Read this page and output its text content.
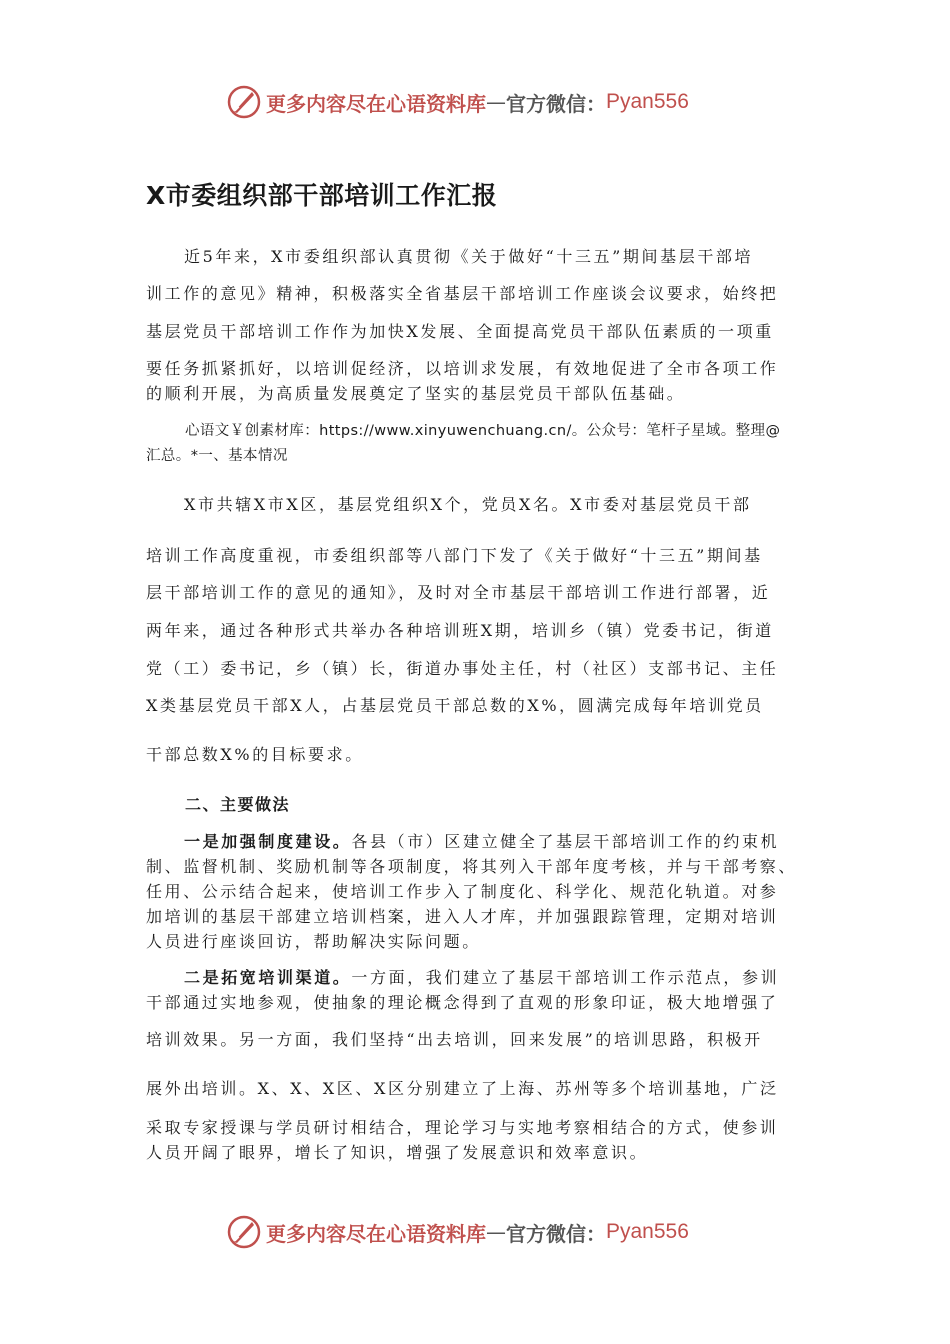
更多内容尽在心语资料库 — 官方微信： Pyan556
X市委组织部干部培训工作汇报
近5年来，X市委组织部认真贯彻《关于做好“十三五”期间基层干部培
训工作的意见》精神，积极落实全省基层干部培训工作座谈会议要求，始终把
基层党员干部培训工作作为加快X发展、全面提高党员干部队伍素质的一项重
要任务抓紧抓好，以培训促经济，以培训求发展，有效地促进了全市各项工作
的顺利开展，为高质量发展奠定了坚实的基层党员干部队伍基础。
心语文￥创素材库：https://www.xinyuwenchuang.cn/。公众号：笔杆子星域。整理@
汇总。*一、基本情况
X市共辖X市X区，基层党组织X个，党员X名。X市委对基层党员干部
培训工作高度重视，市委组织部等八部门下发了《关于做好“十三五”期间基
层干部培训工作的意见的通知》，及时对全市基层干部培训工作进行部署，近
两年来，通过各种形式共举办各种培训班X期，培训乡（镇）党委书记，街道
党（工）委书记，乡（镇）长，街道办事处主任，村（社区）支部书记、主任
X类基层党员干部X人，占基层党员干部总数的X%，圆满完成每年培训党员
干部总数X%的目标要求。
二、主要做法
一是加强制度建设。各县（市）区建立健全了基层干部培训工作的约束机
制、监督机制、奖励机制等各项制度，将其列入干部年度考核，并与干部考察、
任用、公示结合起来，使培训工作步入了制度化、科学化、规范化轨道。对参
加培训的基层干部建立培训档案，进入人才库，并加强跟踪管理，定期对培训
人员进行座谈回访，帮助解决实际问题。
二是拓宽培训渠道。一方面，我们建立了基层干部培训工作示范点，参训
干部通过实地参观，使抽象的理论概念得到了直观的形象印证，极大地增强了
培训效果。另一方面，我们坚持“出去培训，回来发展”的培训思路，积极开
展外出培训。X、X、X区、X区分别建立了上海、苏州等多个培训基地，广泛
采取专家授课与学员研讨相结合，理论学习与实地考察相结合的方式，使参训
人员开阔了眼界，增长了知识，增强了发展意识和效率意识。
更多内容尽在心语资料库 — 官方微信： Pyan556
